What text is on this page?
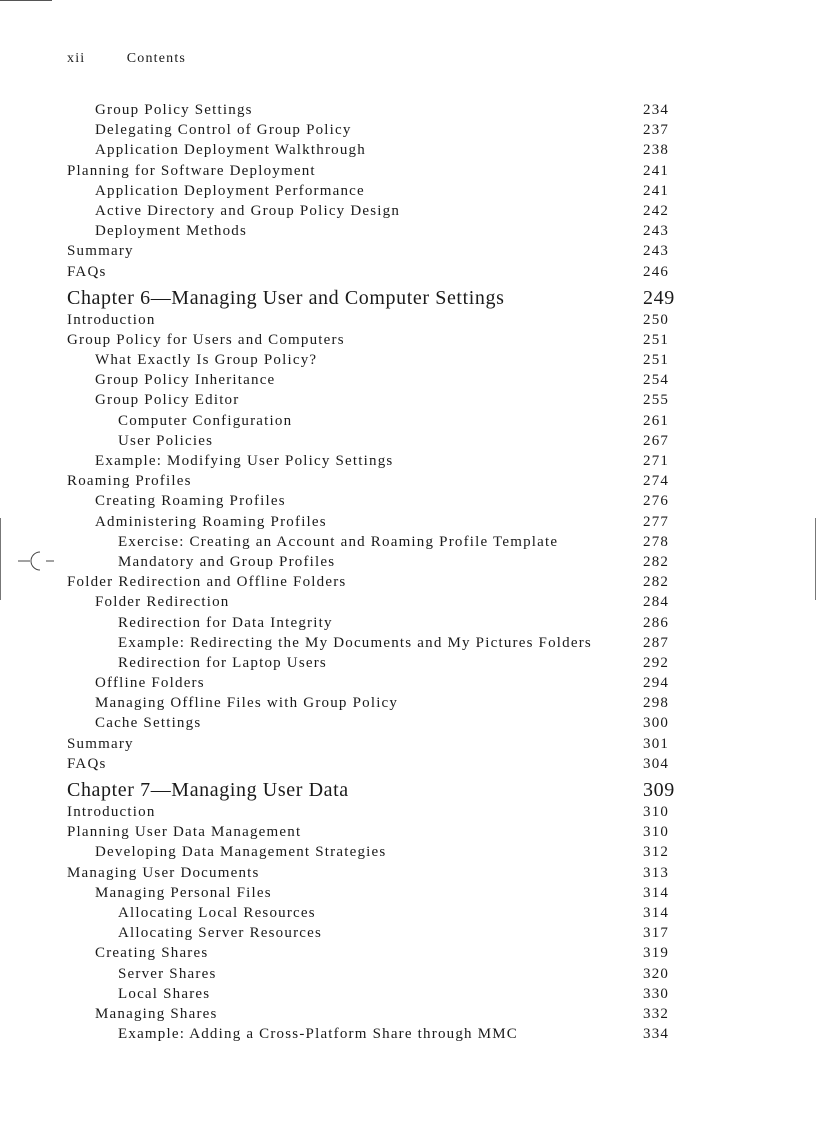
xii	Contents
Group Policy Settings	234
Delegating Control of Group Policy	237
Application Deployment Walkthrough	238
Planning for Software Deployment	241
Application Deployment Performance	241
Active Directory and Group Policy Design	242
Deployment Methods	243
Summary	243
FAQs	246
Chapter 6—Managing User and Computer Settings	249
Introduction	250
Group Policy for Users and Computers	251
What Exactly Is Group Policy?	251
Group Policy Inheritance	254
Group Policy Editor	255
Computer Configuration	261
User Policies	267
Example: Modifying User Policy Settings	271
Roaming Profiles	274
Creating Roaming Profiles	276
Administering Roaming Profiles	277
Exercise: Creating an Account and Roaming Profile Template	278
Mandatory and Group Profiles	282
Folder Redirection and Offline Folders	282
Folder Redirection	284
Redirection for Data Integrity	286
Example: Redirecting the My Documents and My Pictures Folders	287
Redirection for Laptop Users	292
Offline Folders	294
Managing Offline Files with Group Policy	298
Cache Settings	300
Summary	301
FAQs	304
Chapter 7—Managing User Data	309
Introduction	310
Planning User Data Management	310
Developing Data Management Strategies	312
Managing User Documents	313
Managing Personal Files	314
Allocating Local Resources	314
Allocating Server Resources	317
Creating Shares	319
Server Shares	320
Local Shares	330
Managing Shares	332
Example: Adding a Cross-Platform Share through MMC	334
